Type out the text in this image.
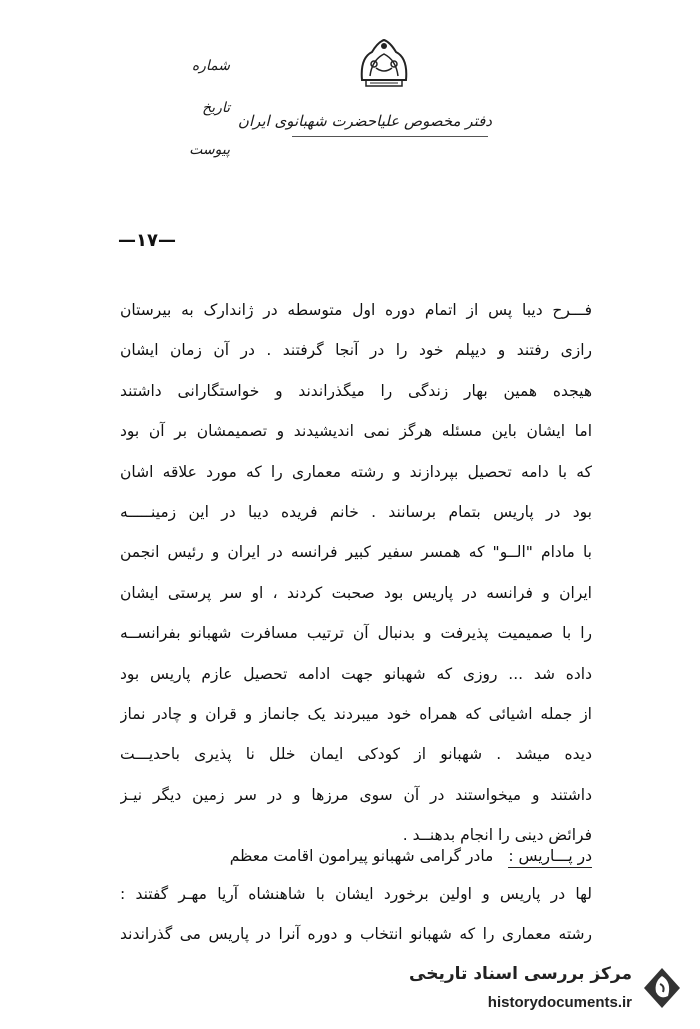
دفتر مخصوص علیاحضرت شهبانوی ایران
شماره
تاریخ
پیوست
—۱۷—
فـــرح دیبا پس از اتمام دوره اول متوسطه در ژاندارک به بیرستان
رازی رفتند و دیپلم خود را در آنجا گرفتند . در آن زمان ایشان
هیجده همین بهار زندگی را میگذراندند و خواستگارانی داشتند
اما ایشان باین مسئله هرگز نمی اندیشیدند و تصمیمشان بر آن بود
که با دامه تحصیل بپردازند و رشته معماری را که مورد علاقه اشان
بود در پاریس بتمام برسانند . خانم فریده دیبا در این زمینـــــه
با مادام "الــو" که همسر سفیر کبیر فرانسه در ایران و رئیس انجمن
ایران و فرانسه در پاریس بود صحبت کردند ، او سر پرستی ایشان
را با صمیمیت پذیرفت و بدنبال آن ترتیب مسافرت شهبانو بفرانســه
داده شد ... روزی که شهبانو جهت ادامه تحصیل عازم پاریس بود
از جمله اشیائی که همراه خود میبردند یک جانماز و قران و چادر نماز
دیده میشد . شهبانو از کودکی ایمان خلل نا پذیری باحدیـــت
داشتند و میخواستند در آن سوی مرزها و در سر زمین دیگر نیـز
فرائض دینی را انجام بدهنــد .
در پـــاریس : مادر گرامی شهبانو پیرامون اقامت معظم
لها در پاریس و اولین برخورد ایشان با شاهنشاه آریا مهـر گفتند :
رشته معماری را که شهبانو انتخاب و دوره آنرا در پاریس می گذراندند
مرکز بررسی اسناد تاریخی
historydocuments.ir
